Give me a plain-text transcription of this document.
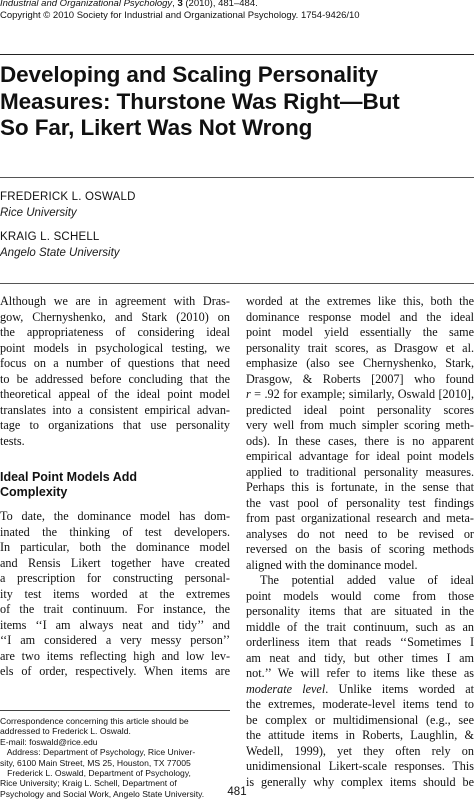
Industrial and Organizational Psychology, 3 (2010), 481–484.
Copyright © 2010 Society for Industrial and Organizational Psychology. 1754-9426/10
Developing and Scaling Personality
Measures: Thurstone Was Right—But
So Far, Likert Was Not Wrong
FREDERICK L. OSWALD
Rice University
KRAIG L. SCHELL
Angelo State University
Although we are in agreement with Dras-
gow, Chernyshenko, and Stark (2010) on
the appropriateness of considering ideal
point models in psychological testing, we
focus on a number of questions that need
to be addressed before concluding that the
theoretical appeal of the ideal point model
translates into a consistent empirical advan-
tage to organizations that use personality
tests.
Ideal Point Models Add
Complexity
To date, the dominance model has dom-
inated the thinking of test developers.
In particular, both the dominance model
and Rensis Likert together have created
a prescription for constructing personal-
ity test items worded at the extremes
of the trait continuum. For instance, the
items ‘‘I am always neat and tidy’’ and
‘‘I am considered a very messy person’’
are two items reflecting high and low lev-
els of order, respectively. When items are
Correspondence concerning this article should be
addressed to Frederick L. Oswald.
E-mail: foswald@rice.edu
Address: Department of Psychology, Rice Univer-
sity, 6100 Main Street, MS 25, Houston, TX 77005
Frederick L. Oswald, Department of Psychology,
Rice University; Kraig L. Schell, Department of
Psychology and Social Work, Angelo State University.
worded at the extremes like this, both the
dominance response model and the ideal
point model yield essentially the same
personality trait scores, as Drasgow et al.
emphasize (also see Chernyshenko, Stark,
Drasgow, & Roberts [2007] who found
r = .92 for example; similarly, Oswald [2010],
predicted ideal point personality scores
very well from much simpler scoring meth-
ods). In these cases, there is no apparent
empirical advantage for ideal point models
applied to traditional personality measures.
Perhaps this is fortunate, in the sense that
the vast pool of personality test findings
from past organizational research and meta-
analyses do not need to be revised or
reversed on the basis of scoring methods
aligned with the dominance model.
The potential added value of ideal
point models would come from those
personality items that are situated in the
middle of the trait continuum, such as an
orderliness item that reads ‘‘Sometimes I
am neat and tidy, but other times I am
not.’’ We will refer to items like these as
moderate level. Unlike items worded at
the extremes, moderate-level items tend to
be complex or multidimensional (e.g., see
the attitude items in Roberts, Laughlin, &
Wedell, 1999), yet they often rely on
unidimensional Likert-scale responses. This
is generally why complex items should be
481
